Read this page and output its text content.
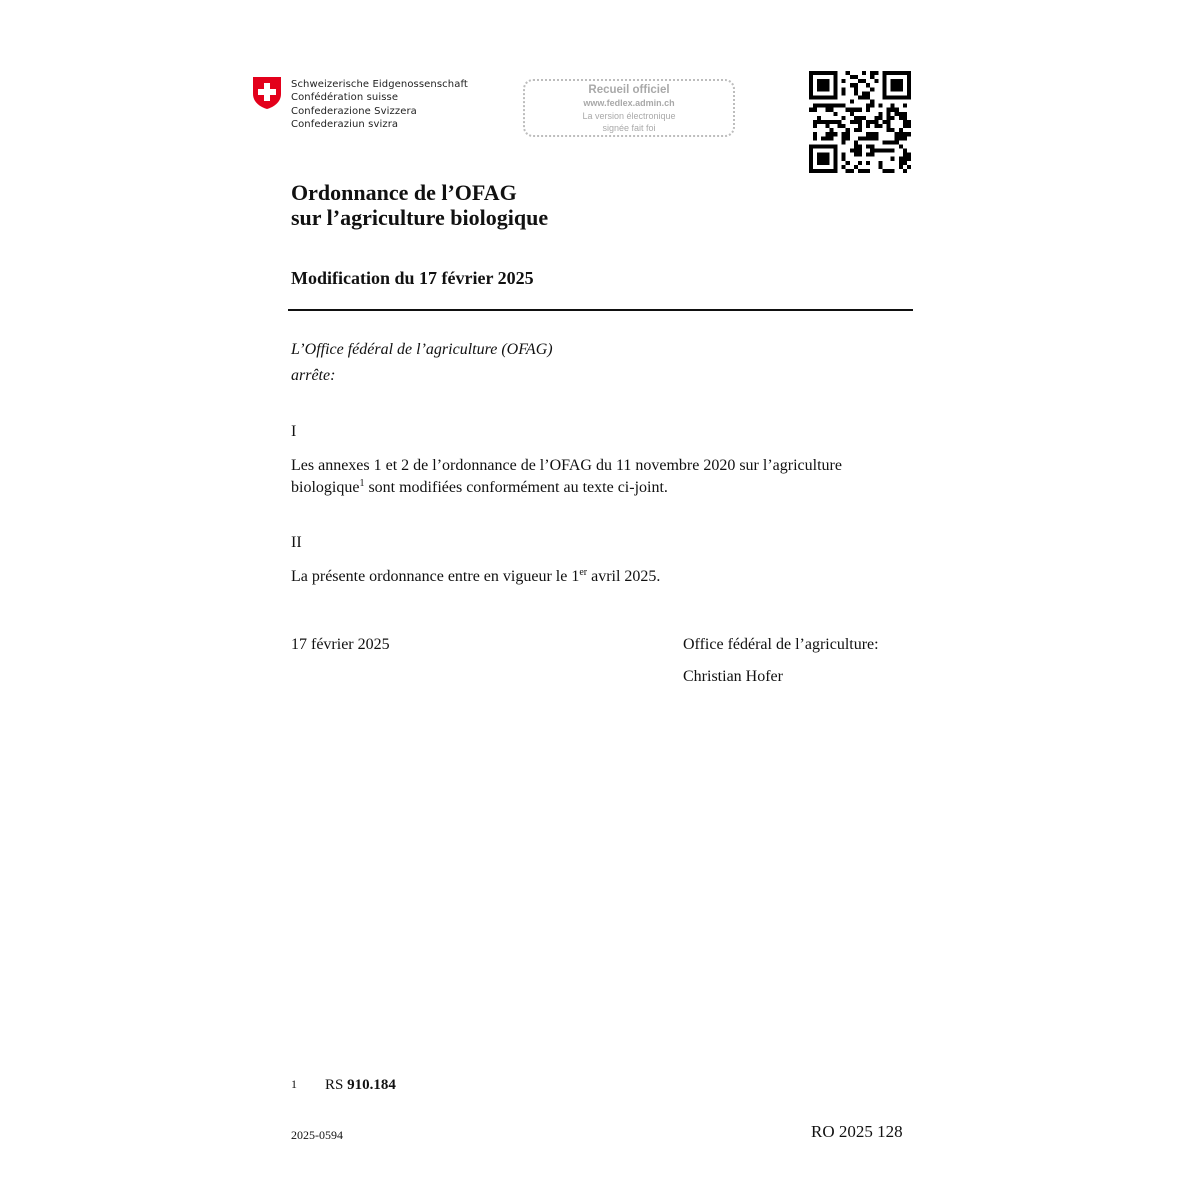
Schweizerische Eidgenossenschaft
Confédération suisse
Confederazione Svizzera
Confederaziun svizra
Recueil officiel
www.fedlex.admin.ch
La version électronique
signée fait foi
Ordonnance de l’OFAG
sur l’agriculture biologique
Modification du 17 février 2025
L’Office fédéral de l’agriculture (OFAG)
arrête:
I
Les annexes 1 et 2 de l’ordonnance de l’OFAG du 11 novembre 2020 sur l’agriculture biologique$^1$ sont modifiées conformément au texte ci-joint.
II
La présente ordonnance entre en vigueur le 1er avril 2025.
17 février 2025	Office fédéral de l’agriculture:
Christian Hofer
1 RS 910.184
2025-0594	RO 2025 128
